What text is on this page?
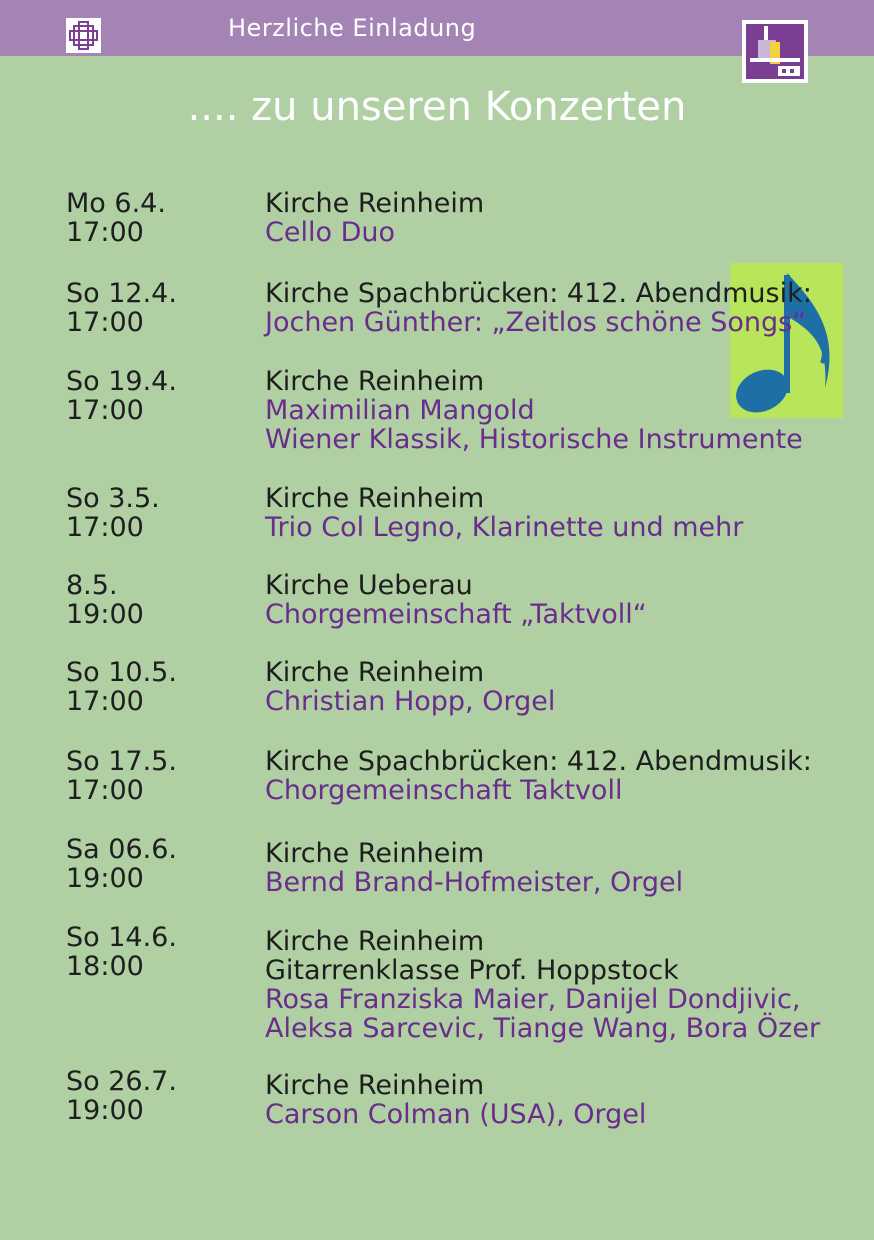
Herzliche Einladung
.... zu unseren Konzerten
Mo 6.4.
17:00
Kirche Reinheim
Cello Duo
So 12.4.
17:00
Kirche Spachbrücken: 412. Abendmusik:
Jochen Günther: „Zeitlos schöne Songs“
So 19.4.
17:00
Kirche Reinheim
Maximilian Mangold
Wiener Klassik, Historische Instrumente
So 3.5.
17:00
Kirche Reinheim
Trio Col Legno, Klarinette und mehr
8.5.
19:00
Kirche Ueberau
Chorgemeinschaft „Taktvoll“
So 10.5.
17:00
Kirche Reinheim
Christian Hopp, Orgel
So 17.5.
17:00
Kirche Spachbrücken: 412. Abendmusik:
Chorgemeinschaft Taktvoll
Sa 06.6.
19:00
Kirche Reinheim
Bernd Brand-Hofmeister, Orgel
So 14.6.
18:00
Kirche Reinheim
Gitarrenklasse Prof. Hoppstock
Rosa Franziska Maier, Danijel Dondjivic,
Aleksa Sarcevic, Tiange Wang, Bora Özer
So 26.7.
19:00
Kirche Reinheim
Carson Colman (USA), Orgel
